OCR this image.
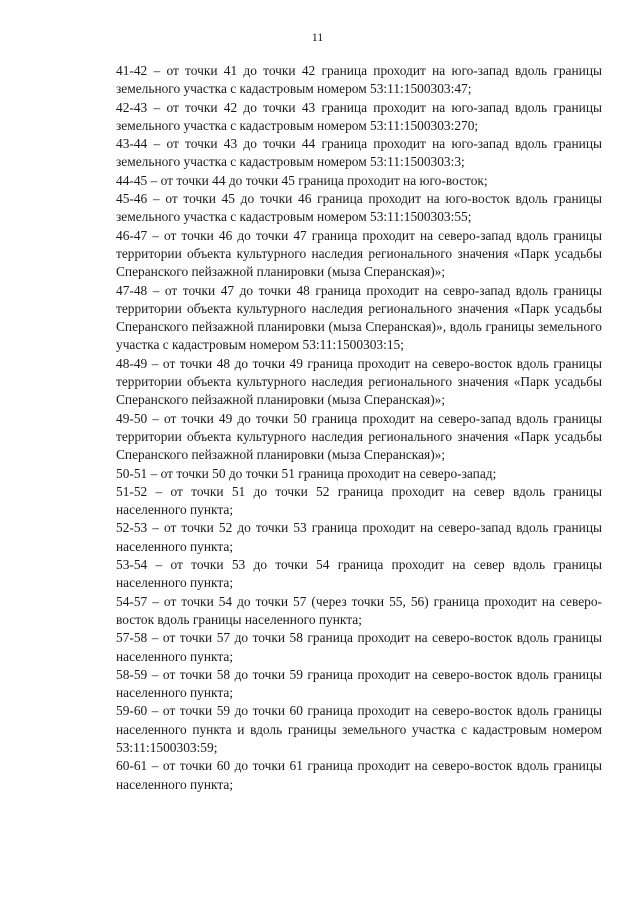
11

41-42 – от точки 41 до точки 42 граница проходит на юго-запад вдоль границы земельного участка с кадастровым номером 53:11:1500303:47;

42-43 – от точки 42 до точки 43 граница проходит на юго-запад вдоль границы земельного участка с кадастровым номером 53:11:1500303:270;

43-44 – от точки 43 до точки 44 граница проходит на юго-запад вдоль границы земельного участка с кадастровым номером 53:11:1500303:3;

44-45 – от точки 44 до точки 45 граница проходит на юго-восток;

45-46 – от точки 45 до точки 46 граница проходит на юго-восток вдоль границы земельного участка с кадастровым номером 53:11:1500303:55;

46-47 – от точки 46 до точки 47 граница проходит на северо-запад вдоль границы территории объекта культурного наследия регионального значения «Парк усадьбы Сперанского пейзажной планировки (мыза Сперанская)»;

47-48 – от точки 47 до точки 48 граница проходит на севро-запад вдоль границы территории объекта культурного наследия регионального значения «Парк усадьбы Сперанского пейзажной планировки (мыза Сперанская)», вдоль границы земельного участка с кадастровым номером 53:11:1500303:15;

48-49 – от точки 48 до точки 49 граница проходит на северо-восток вдоль границы территории объекта культурного наследия регионального значения «Парк усадьбы Сперанского пейзажной планировки (мыза Сперанская)»;

49-50 – от точки 49 до точки 50 граница проходит на северо-запад вдоль границы территории объекта культурного наследия регионального значения «Парк усадьбы Сперанского пейзажной планировки (мыза Сперанская)»;

50-51 – от точки 50 до точки 51 граница проходит на северо-запад;

51-52 – от точки 51 до точки 52 граница проходит на север вдоль границы населенного пункта;

52-53 – от точки 52 до точки 53 граница проходит на северо-запад вдоль границы населенного пункта;

53-54 – от точки 53 до точки 54 граница проходит на север вдоль границы населенного пункта;

54-57 – от точки 54 до точки 57 (через точки 55, 56) граница проходит на северо-восток вдоль границы населенного пункта;

57-58 – от точки 57 до точки 58 граница проходит на северо-восток вдоль границы населенного пункта;

58-59 – от точки 58 до точки 59 граница проходит на северо-восток вдоль границы населенного пункта;

59-60 – от точки 59 до точки 60 граница проходит на северо-восток вдоль границы населенного пункта и вдоль границы земельного участка с кадастровым номером 53:11:1500303:59;

60-61 – от точки 60 до точки 61 граница проходит на северо-восток вдоль границы населенного пункта;
